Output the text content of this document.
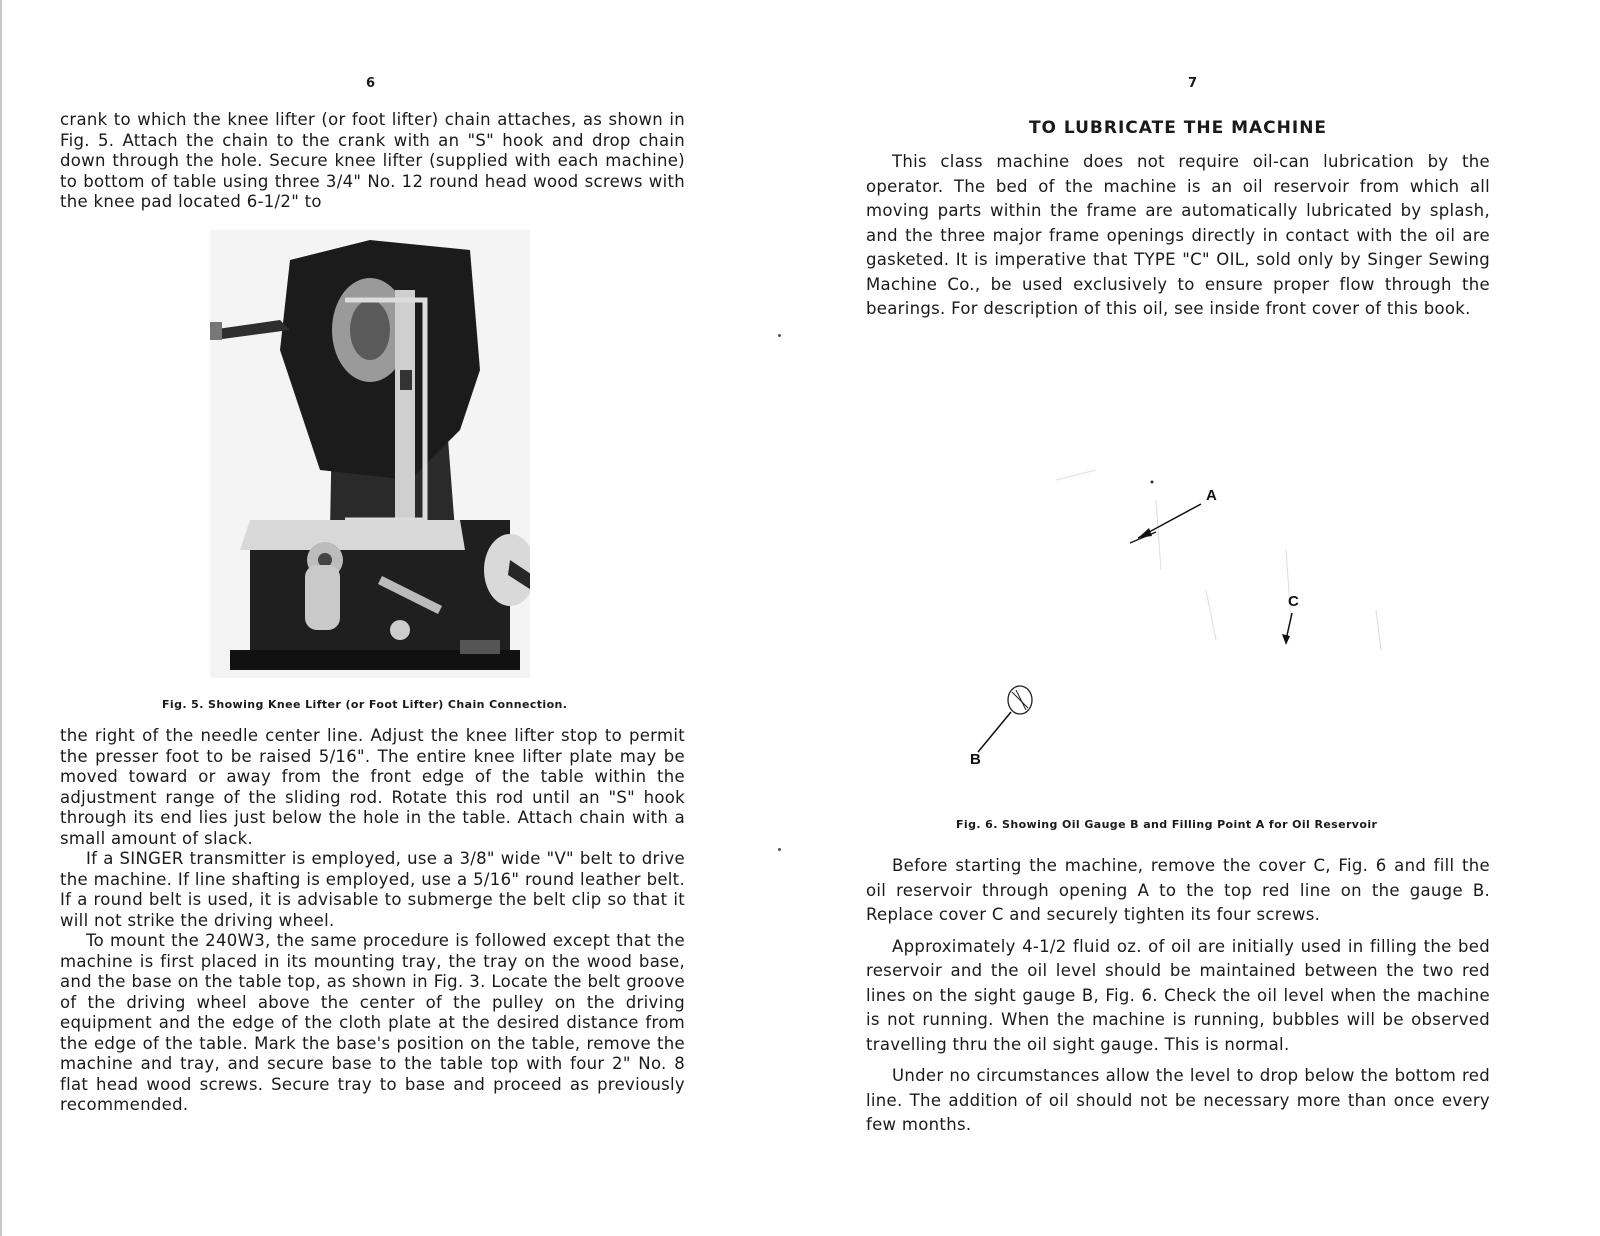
6

crank to which the knee lifter (or foot lifter) chain attaches, as shown in Fig. 5. Attach the chain to the crank with an "S" hook and drop chain down through the hole. Secure knee lifter (supplied with each machine) to bottom of table using three 3/4" No. 12 round head wood screws with the knee pad located 6-1/2" to

Fig. 5. Showing Knee Lifter (or Foot Lifter) Chain Connection.

the right of the needle center line. Adjust the knee lifter stop to permit the presser foot to be raised 5/16". The entire knee lifter plate may be moved toward or away from the front edge of the table within the adjustment range of the sliding rod. Rotate this rod until an "S" hook through its end lies just below the hole in the table. Attach chain with a small amount of slack.

If a SINGER transmitter is employed, use a 3/8" wide "V" belt to drive the machine. If line shafting is employed, use a 5/16" round leather belt. If a round belt is used, it is advisable to submerge the belt clip so that it will not strike the driving wheel.

To mount the 240W3, the same procedure is followed except that the machine is first placed in its mounting tray, the tray on the wood base, and the base on the table top, as shown in Fig. 3. Locate the belt groove of the driving wheel above the center of the pulley on the driving equipment and the edge of the cloth plate at the desired distance from the edge of the table. Mark the base's position on the table, remove the machine and tray, and secure base to the table top with four 2" No. 8 flat head wood screws. Secure tray to base and proceed as previously recommended.

7
TO LUBRICATE THE MACHINE

This class machine does not require oil-can lubrication by the operator. The bed of the machine is an oil reservoir from which all moving parts within the frame are automatically lubricated by splash, and the three major frame openings directly in contact with the oil are gasketed. It is imperative that TYPE "C" OIL, sold only by Singer Sewing Machine Co., be used exclusively to ensure proper flow through the bearings. For description of this oil, see inside front cover of this book.

A
C
B
Fig. 6. Showing Oil Gauge B and Filling Point A for Oil Reservoir

Before starting the machine, remove the cover C, Fig. 6 and fill the oil reservoir through opening A to the top red line on the gauge B. Replace cover C and securely tighten its four screws.

Approximately 4-1/2 fluid oz. of oil are initially used in filling the bed reservoir and the oil level should be maintained between the two red lines on the sight gauge B, Fig. 6. Check the oil level when the machine is not running. When the machine is running, bubbles will be observed travelling thru the oil sight gauge. This is normal.

Under no circumstances allow the level to drop below the bottom red line. The addition of oil should not be necessary more than once every few months.
